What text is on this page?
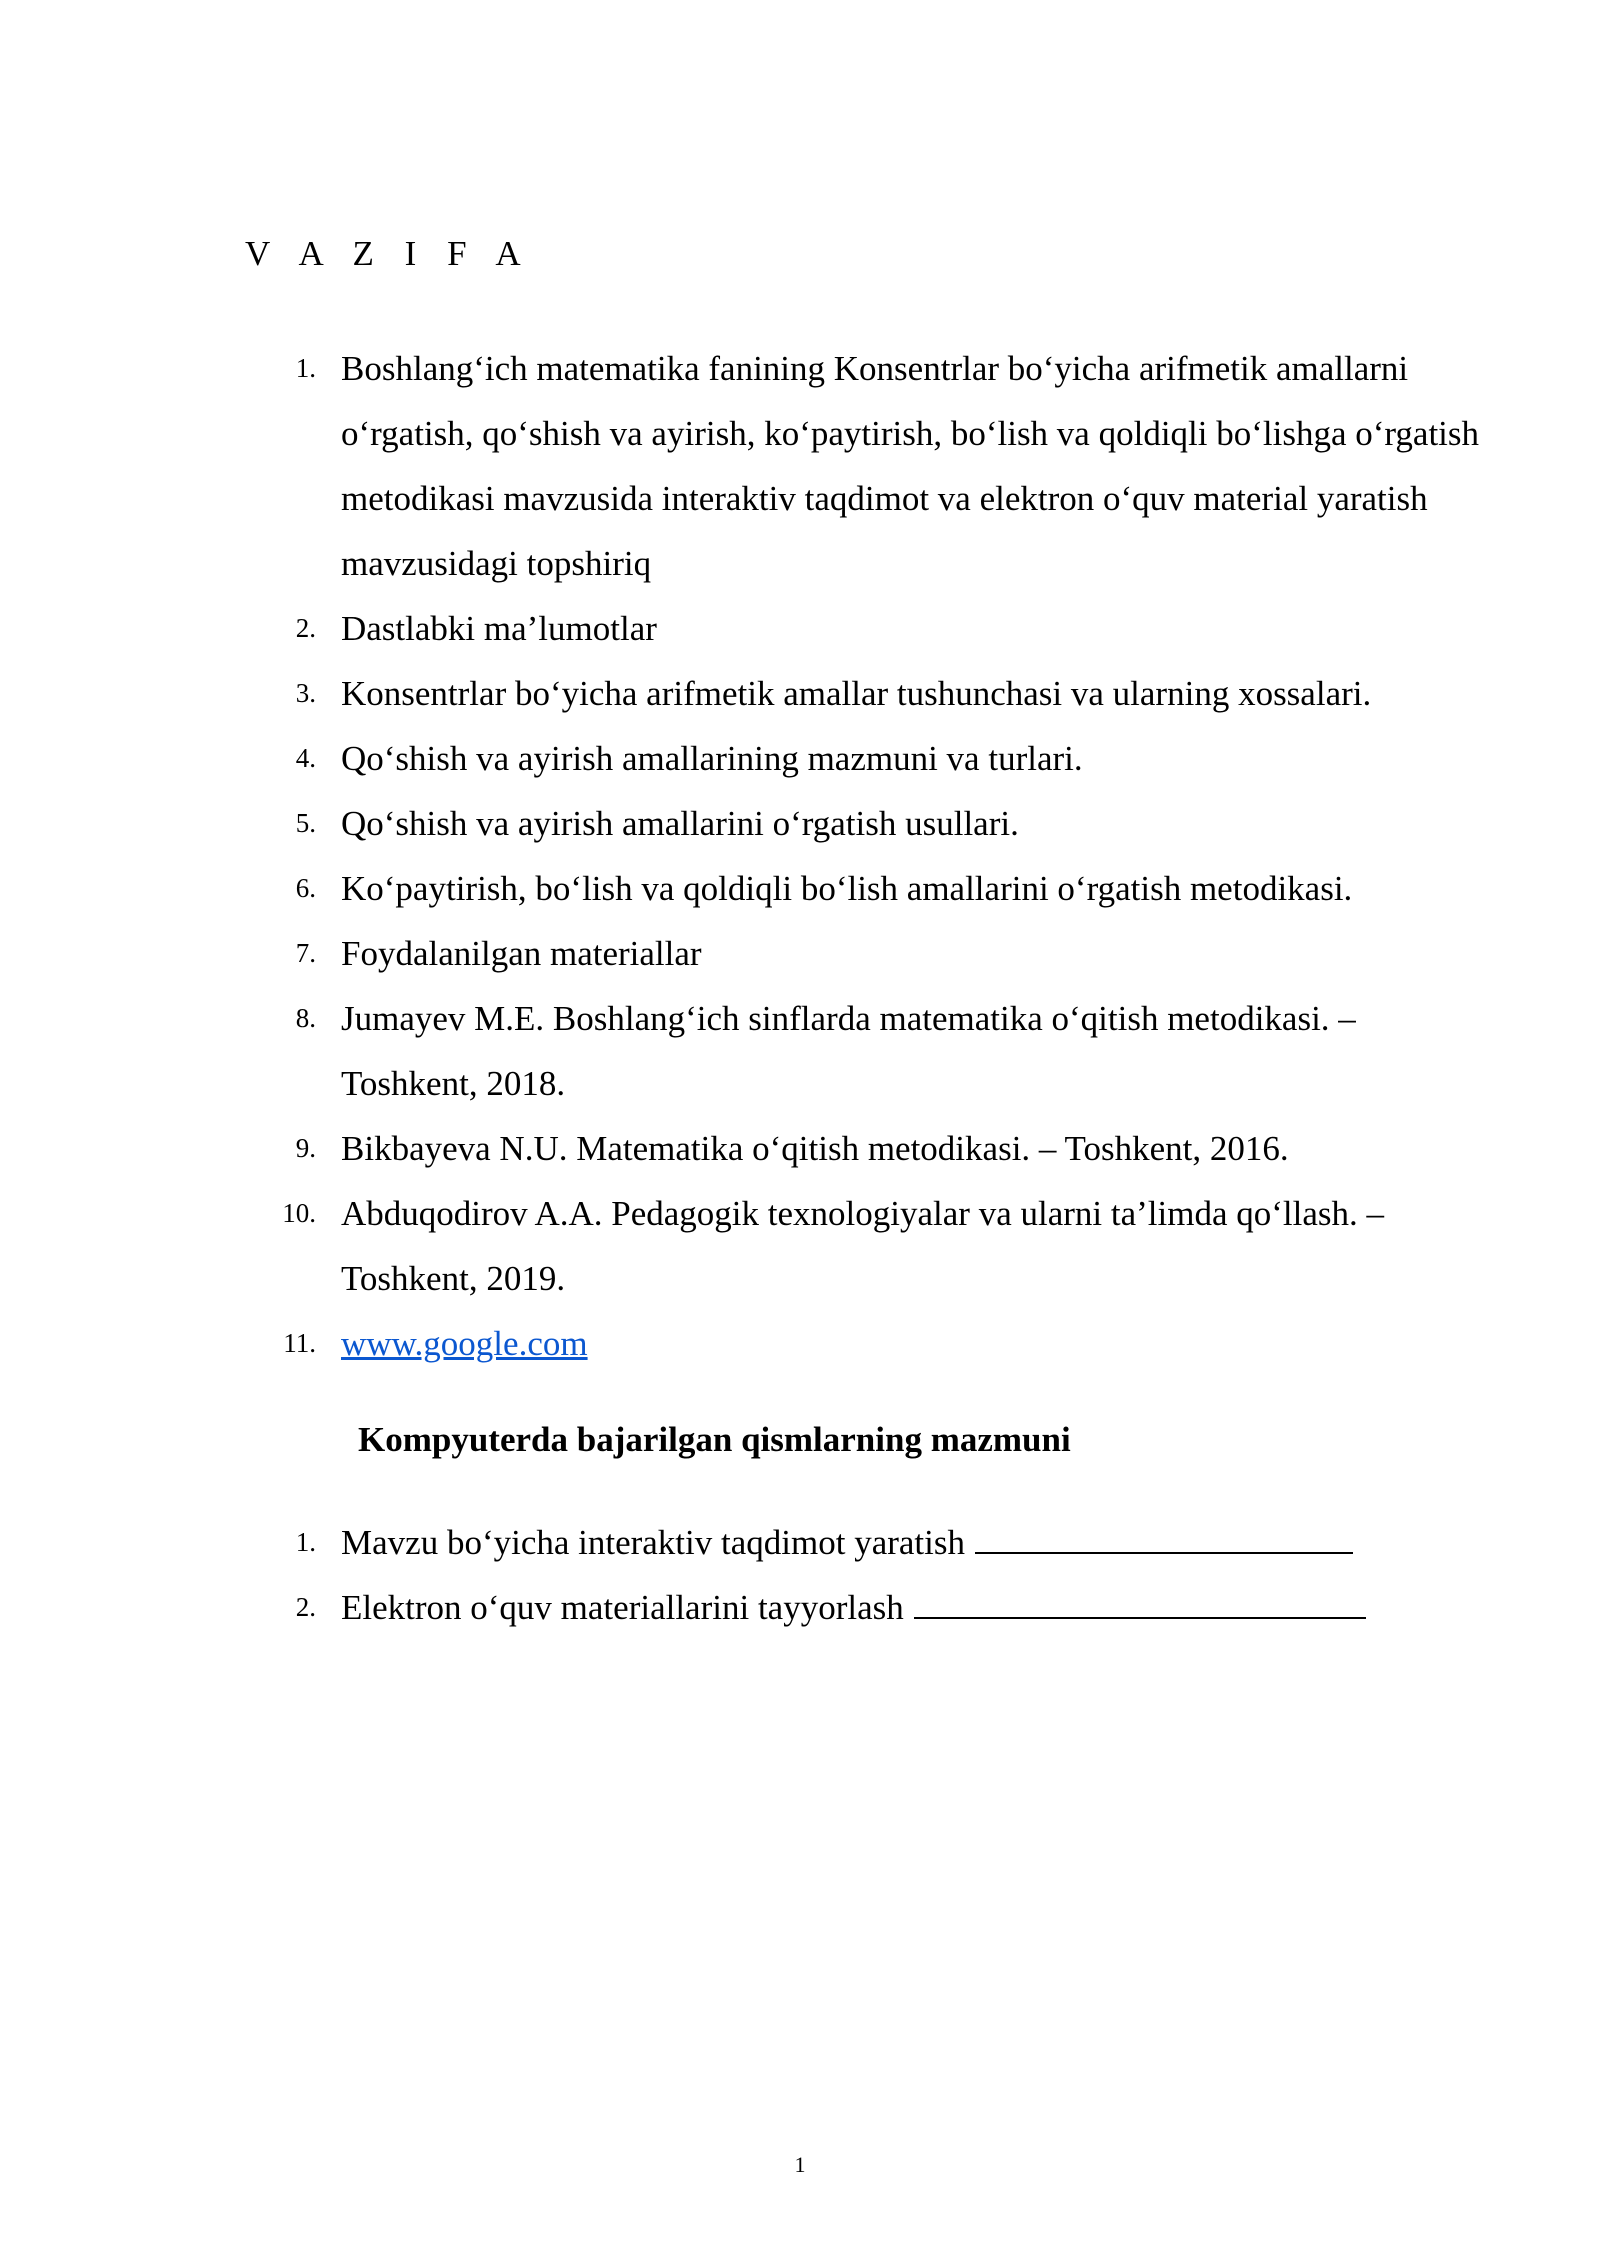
V A Z I F A
1. Boshlang‘ich matematika fanining Konsentrlar bo‘yicha arifmetik amallarni o‘rgatish, qo‘shish va ayirish, ko‘paytirish, bo‘lish va qoldiqli bo‘lishga o‘rgatish metodikasi mavzusida interaktiv taqdimot va elektron o‘quv material yaratish mavzusidagi topshiriq
2. Dastlabki ma’lumotlar
3. Konsentrlar bo‘yicha arifmetik amallar tushunchasi va ularning xossalari.
4. Qo‘shish va ayirish amallarining mazmuni va turlari.
5. Qo‘shish va ayirish amallarini o‘rgatish usullari.
6. Ko‘paytirish, bo‘lish va qoldiqli bo‘lish amallarini o‘rgatish metodikasi.
7. Foydalanilgan materiallar
8. Jumayev M.E. Boshlang‘ich sinflarda matematika o‘qitish metodikasi. – Toshkent, 2018.
9. Bikbayeva N.U. Matematika o‘qitish metodikasi. – Toshkent, 2016.
10. Abduqodirov A.A. Pedagogik texnologiyalar va ularni ta’limda qo‘llash. – Toshkent, 2019.
11. www.google.com
Kompyuterda bajarilgan qismlarning mazmuni
1. Mavzu bo‘yicha interaktiv taqdimot yaratish
2. Elektron o‘quv materiallarini tayyorlash
1
